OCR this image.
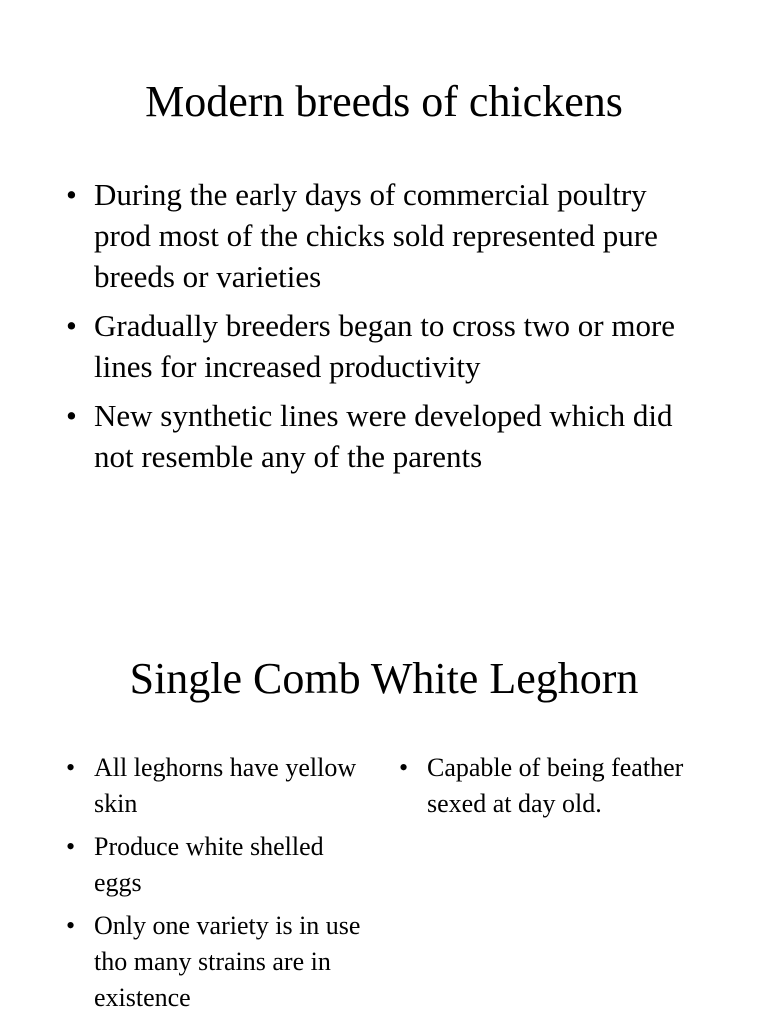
Modern breeds of chickens
• During the early days of commercial poultry prod most of the chicks sold represented pure breeds or varieties
• Gradually breeders began to cross two or more lines for increased productivity
• New synthetic lines were developed which did not resemble any of the parents
Single Comb White Leghorn
• All leghorns have yellow skin
• Produce white shelled eggs
• Only one variety is in use tho many strains are in existence
• Capable of being feather sexed at day old.
